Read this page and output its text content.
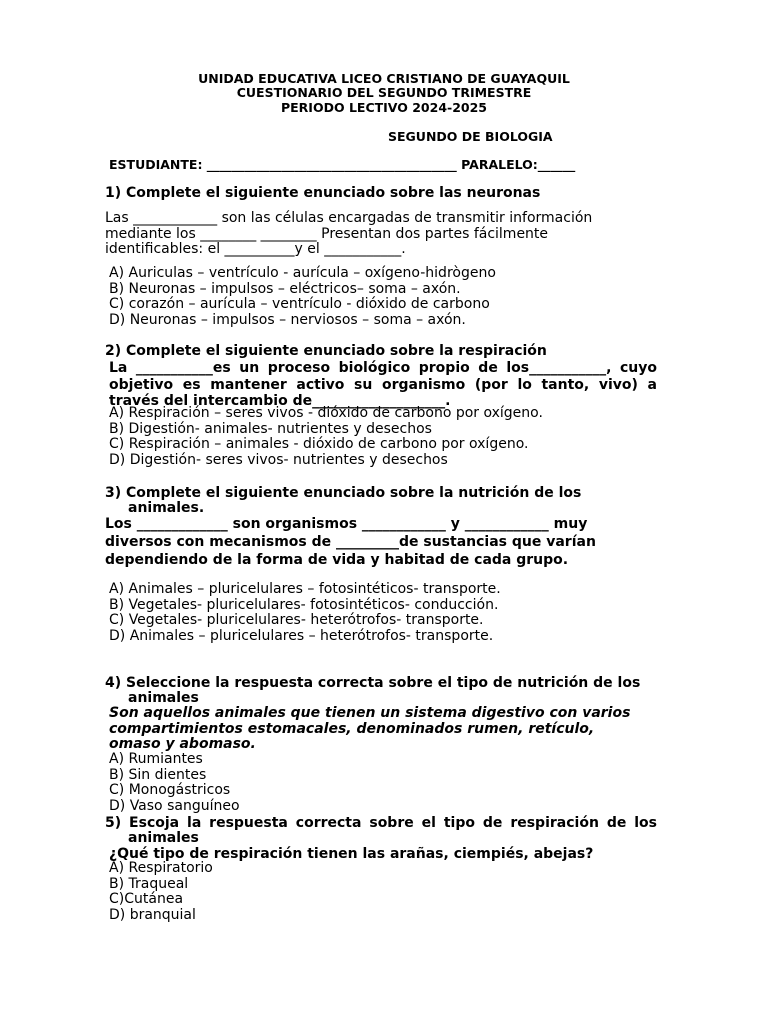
UNIDAD EDUCATIVA LICEO CRISTIANO DE GUAYAQUIL
CUESTIONARIO DEL SEGUNDO TRIMESTRE
PERIODO LECTIVO 2024-2025
SEGUNDO DE BIOLOGIA
ESTUDIANTE: ________________________________________ PARALELO:______
1) Complete el siguiente enunciado sobre las neuronas
Las ____________ son las células encargadas de transmitir información
mediante los ________ ________ Presentan dos partes fácilmente
identificables: el __________y el ___________.
A) Auriculas – ventrículo - aurícula – oxígeno-hidrògeno
B) Neuronas – impulsos – eléctricos– soma – axón.
C) corazón – aurícula – ventrículo - dióxido de carbono
D) Neuronas – impulsos – nerviosos – soma – axón.
2) Complete el siguiente enunciado sobre la respiración
La ___________es un proceso biológico propio de los___________, cuyo
objetivo es mantener activo su organismo (por lo tanto, vivo) a
través del intercambio de___________________.
A) Respiración – seres vivos - dióxido de carbono por oxígeno.
B) Digestión- animales- nutrientes y desechos
C) Respiración – animales - dióxido de carbono por oxígeno.
D) Digestión- seres vivos- nutrientes y desechos
3) Complete el siguiente enunciado sobre la nutrición de los
animales.
Los _____________ son organismos ____________ y ____________ muy
diversos con mecanismos de _________de sustancias que varían
dependiendo de la forma de vida y habitad de cada grupo.
A) Animales – pluricelulares – fotosintéticos- transporte.
B) Vegetales- pluricelulares- fotosintéticos- conducción.
C) Vegetales- pluricelulares- heterótrofos- transporte.
D) Animales – pluricelulares – heterótrofos- transporte.
4) Seleccione la respuesta correcta sobre el tipo de nutrición de los
animales
Son aquellos animales que tienen un sistema digestivo con varios
compartimientos estomacales, denominados rumen, retículo,
omaso y abomaso.
A) Rumiantes
B) Sin dientes
C) Monogástricos
D) Vaso sanguíneo
5) Escoja la respuesta correcta sobre el tipo de respiración de los
animales
¿Qué tipo de respiración tienen las arañas, ciempiés, abejas?
A) Respiratorio
B) Traqueal
C)Cutánea
D) branquial
